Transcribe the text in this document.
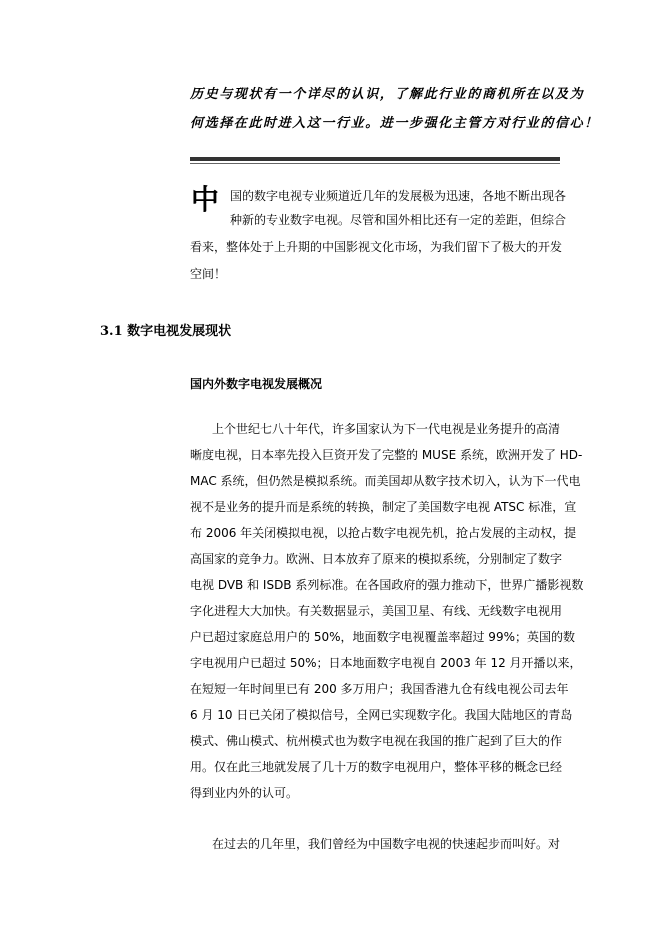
历史与现状有一个详尽的认识，了解此行业的商机所在以及为
何选择在此时进入这一行业。进一步强化主管方对行业的信心！
中 国的数字电视专业频道近几年的发展极为迅速，各地不断出现各
种新的专业数字电视。尽管和国外相比还有一定的差距，但综合
看来，整体处于上升期的中国影视文化市场，为我们留下了极大的开发
空间！
3.1 数字电视发展现状
国内外数字电视发展概况
上个世纪七八十年代，许多国家认为下一代电视是业务提升的高清
晰度电视，日本率先投入巨资开发了完整的 MUSE 系统，欧洲开发了 HD-
MAC 系统，但仍然是模拟系统。而美国却从数字技术切入，认为下一代电
视不是业务的提升而是系统的转换，制定了美国数字电视 ATSC 标准，宣
布 2006 年关闭模拟电视，以抢占数字电视先机，抢占发展的主动权，提
高国家的竞争力。欧洲、日本放弃了原来的模拟系统，分别制定了数字
电视 DVB 和 ISDB 系列标准。在各国政府的强力推动下，世界广播影视数
字化进程大大加快。有关数据显示，美国卫星、有线、无线数字电视用
户已超过家庭总用户的 50%，地面数字电视覆盖率超过 99%；英国的数
字电视用户已超过 50%；日本地面数字电视自 2003 年 12 月开播以来，
在短短一年时间里已有 200 多万用户；我国香港九仓有线电视公司去年
6 月 10 日已关闭了模拟信号，全网已实现数字化。我国大陆地区的青岛
模式、佛山模式、杭州模式也为数字电视在我国的推广起到了巨大的作
用。仅在此三地就发展了几十万的数字电视用户，整体平移的概念已经
得到业内外的认可。
在过去的几年里，我们曾经为中国数字电视的快速起步而叫好。对
